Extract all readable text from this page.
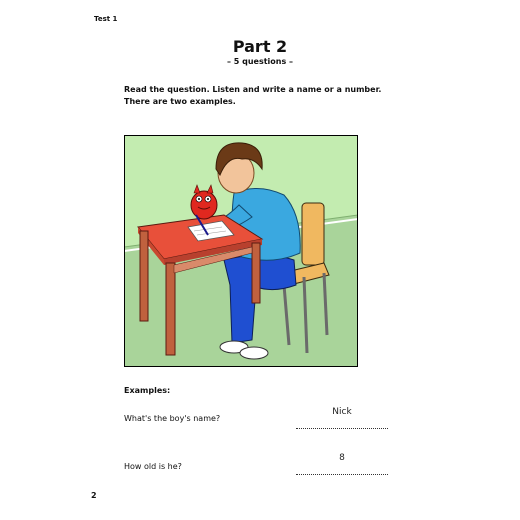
Test 1
Part 2
– 5 questions –
Read the question. Listen and write a name or a number.
There are two examples.
Examples:
What's the boy's name?
Nick
How old is he?
8
2
